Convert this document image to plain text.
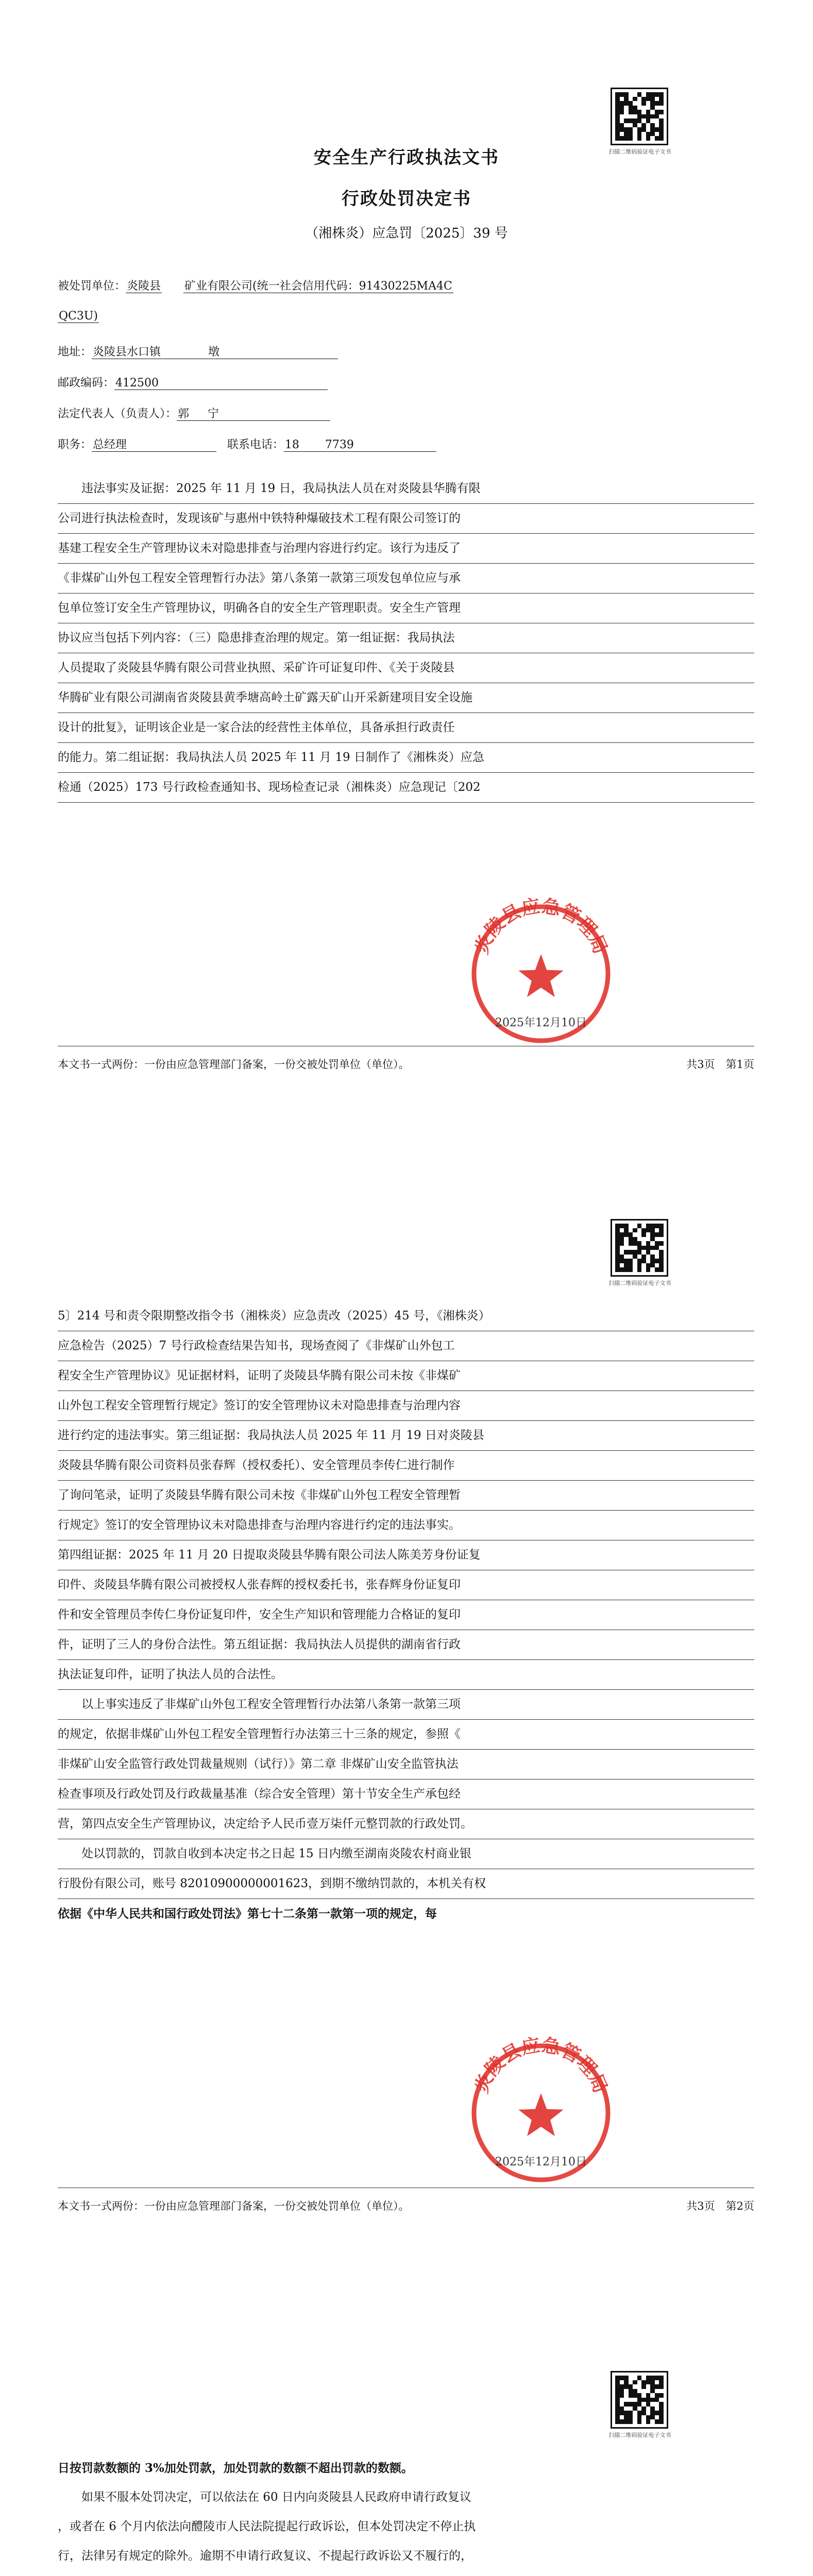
扫描二维码验证电子文书
安全生产行政执法文书
行政处罚决定书
（湘株炎）应急罚〔2025〕39 号
被处罚单位：炎陵县 矿业有限公司(统一社会信用代码：91430225MA4C
QC3U)
地址：炎陵县水口镇	墩
邮政编码：412500
法定代表人（负责人）：郭 宁
职务：总经理	联系电话：18 7739

违法事实及证据：2025 年 11 月 19 日，我局执法人员在对炎陵县华腾有限

公司进行执法检查时，发现该矿与惠州中铁特种爆破技术工程有限公司签订的

基建工程安全生产管理协议未对隐患排查与治理内容进行约定。该行为违反了

《非煤矿山外包工程安全管理暂行办法》第八条第一款第三项发包单位应与承

包单位签订安全生产管理协议，明确各自的安全生产管理职责。安全生产管理

协议应当包括下列内容：（三）隐患排查治理的规定。第一组证据：我局执法

人员提取了炎陵县华腾有限公司营业执照、采矿许可证复印件、《关于炎陵县

华腾矿业有限公司湖南省炎陵县黄季塘高岭土矿露天矿山开采新建项目安全设施

设计的批复》，证明该企业是一家合法的经营性主体单位，具备承担行政责任

的能力。第二组证据：我局执法人员 2025 年 11 月 19 日制作了《湘株炎）应急

检通（2025）173 号行政检查通知书、现场检查记录（湘株炎）应急现记〔202

炎陵县应急管理局
2025年12月10日
本文书一式两份：一份由应急管理部门备案，一份交被处罚单位（单位）。	共3页　第1页
扫描二维码验证电子文书

5〕214 号和责令限期整改指令书（湘株炎）应急责改（2025）45 号，《湘株炎）

应急检告（2025）7 号行政检查结果告知书，现场查阅了《非煤矿山外包工

程安全生产管理协议》见证据材料，证明了炎陵县华腾有限公司未按《非煤矿

山外包工程安全管理暂行规定》签订的安全管理协议未对隐患排查与治理内容

进行约定的违法事实。第三组证据：我局执法人员 2025 年 11 月 19 日对炎陵县

炎陵县华腾有限公司资料员张春辉（授权委托）、安全管理员李传仁进行制作

了询问笔录，证明了炎陵县华腾有限公司未按《非煤矿山外包工程安全管理暂

行规定》签订的安全管理协议未对隐患排查与治理内容进行约定的违法事实。

第四组证据：2025 年 11 月 20 日提取炎陵县华腾有限公司法人陈美芳身份证复

印件、炎陵县华腾有限公司被授权人张春辉的授权委托书，张春辉身份证复印

件和安全管理员李传仁身份证复印件，安全生产知识和管理能力合格证的复印

件，证明了三人的身份合法性。第五组证据：我局执法人员提供的湖南省行政

执法证复印件，证明了执法人员的合法性。

以上事实违反了非煤矿山外包工程安全管理暂行办法第八条第一款第三项

的规定，依据非煤矿山外包工程安全管理暂行办法第三十三条的规定，参照《

非煤矿山安全监管行政处罚裁量规则（试行）》第二章 非煤矿山安全监管执法

检查事项及行政处罚及行政裁量基准（综合安全管理）第十节安全生产承包经

营，第四点安全生产管理协议，决定给予人民币壹万柒仟元整罚款的行政处罚。

处以罚款的，罚款自收到本决定书之日起 15 日内缴至湖南炎陵农村商业银

行股份有限公司，账号 82010900000001623，到期不缴纳罚款的，本机关有权

依据《中华人民共和国行政处罚法》第七十二条第一款第一项的规定，每

炎陵县应急管理局
2025年12月10日
本文书一式两份：一份由应急管理部门备案，一份交被处罚单位（单位）。	共3页　第2页
扫描二维码验证电子文书

日按罚款数额的 3%加处罚款，加处罚款的数额不超出罚款的数额。

如果不服本处罚决定，可以依法在 60 日内向炎陵县人民政府申请行政复议

，或者在 6 个月内依法向醴陵市人民法院提起行政诉讼，但本处罚决定不停止执

行，法律另有规定的除外。逾期不申请行政复议、不提起行政诉讼又不履行的，
